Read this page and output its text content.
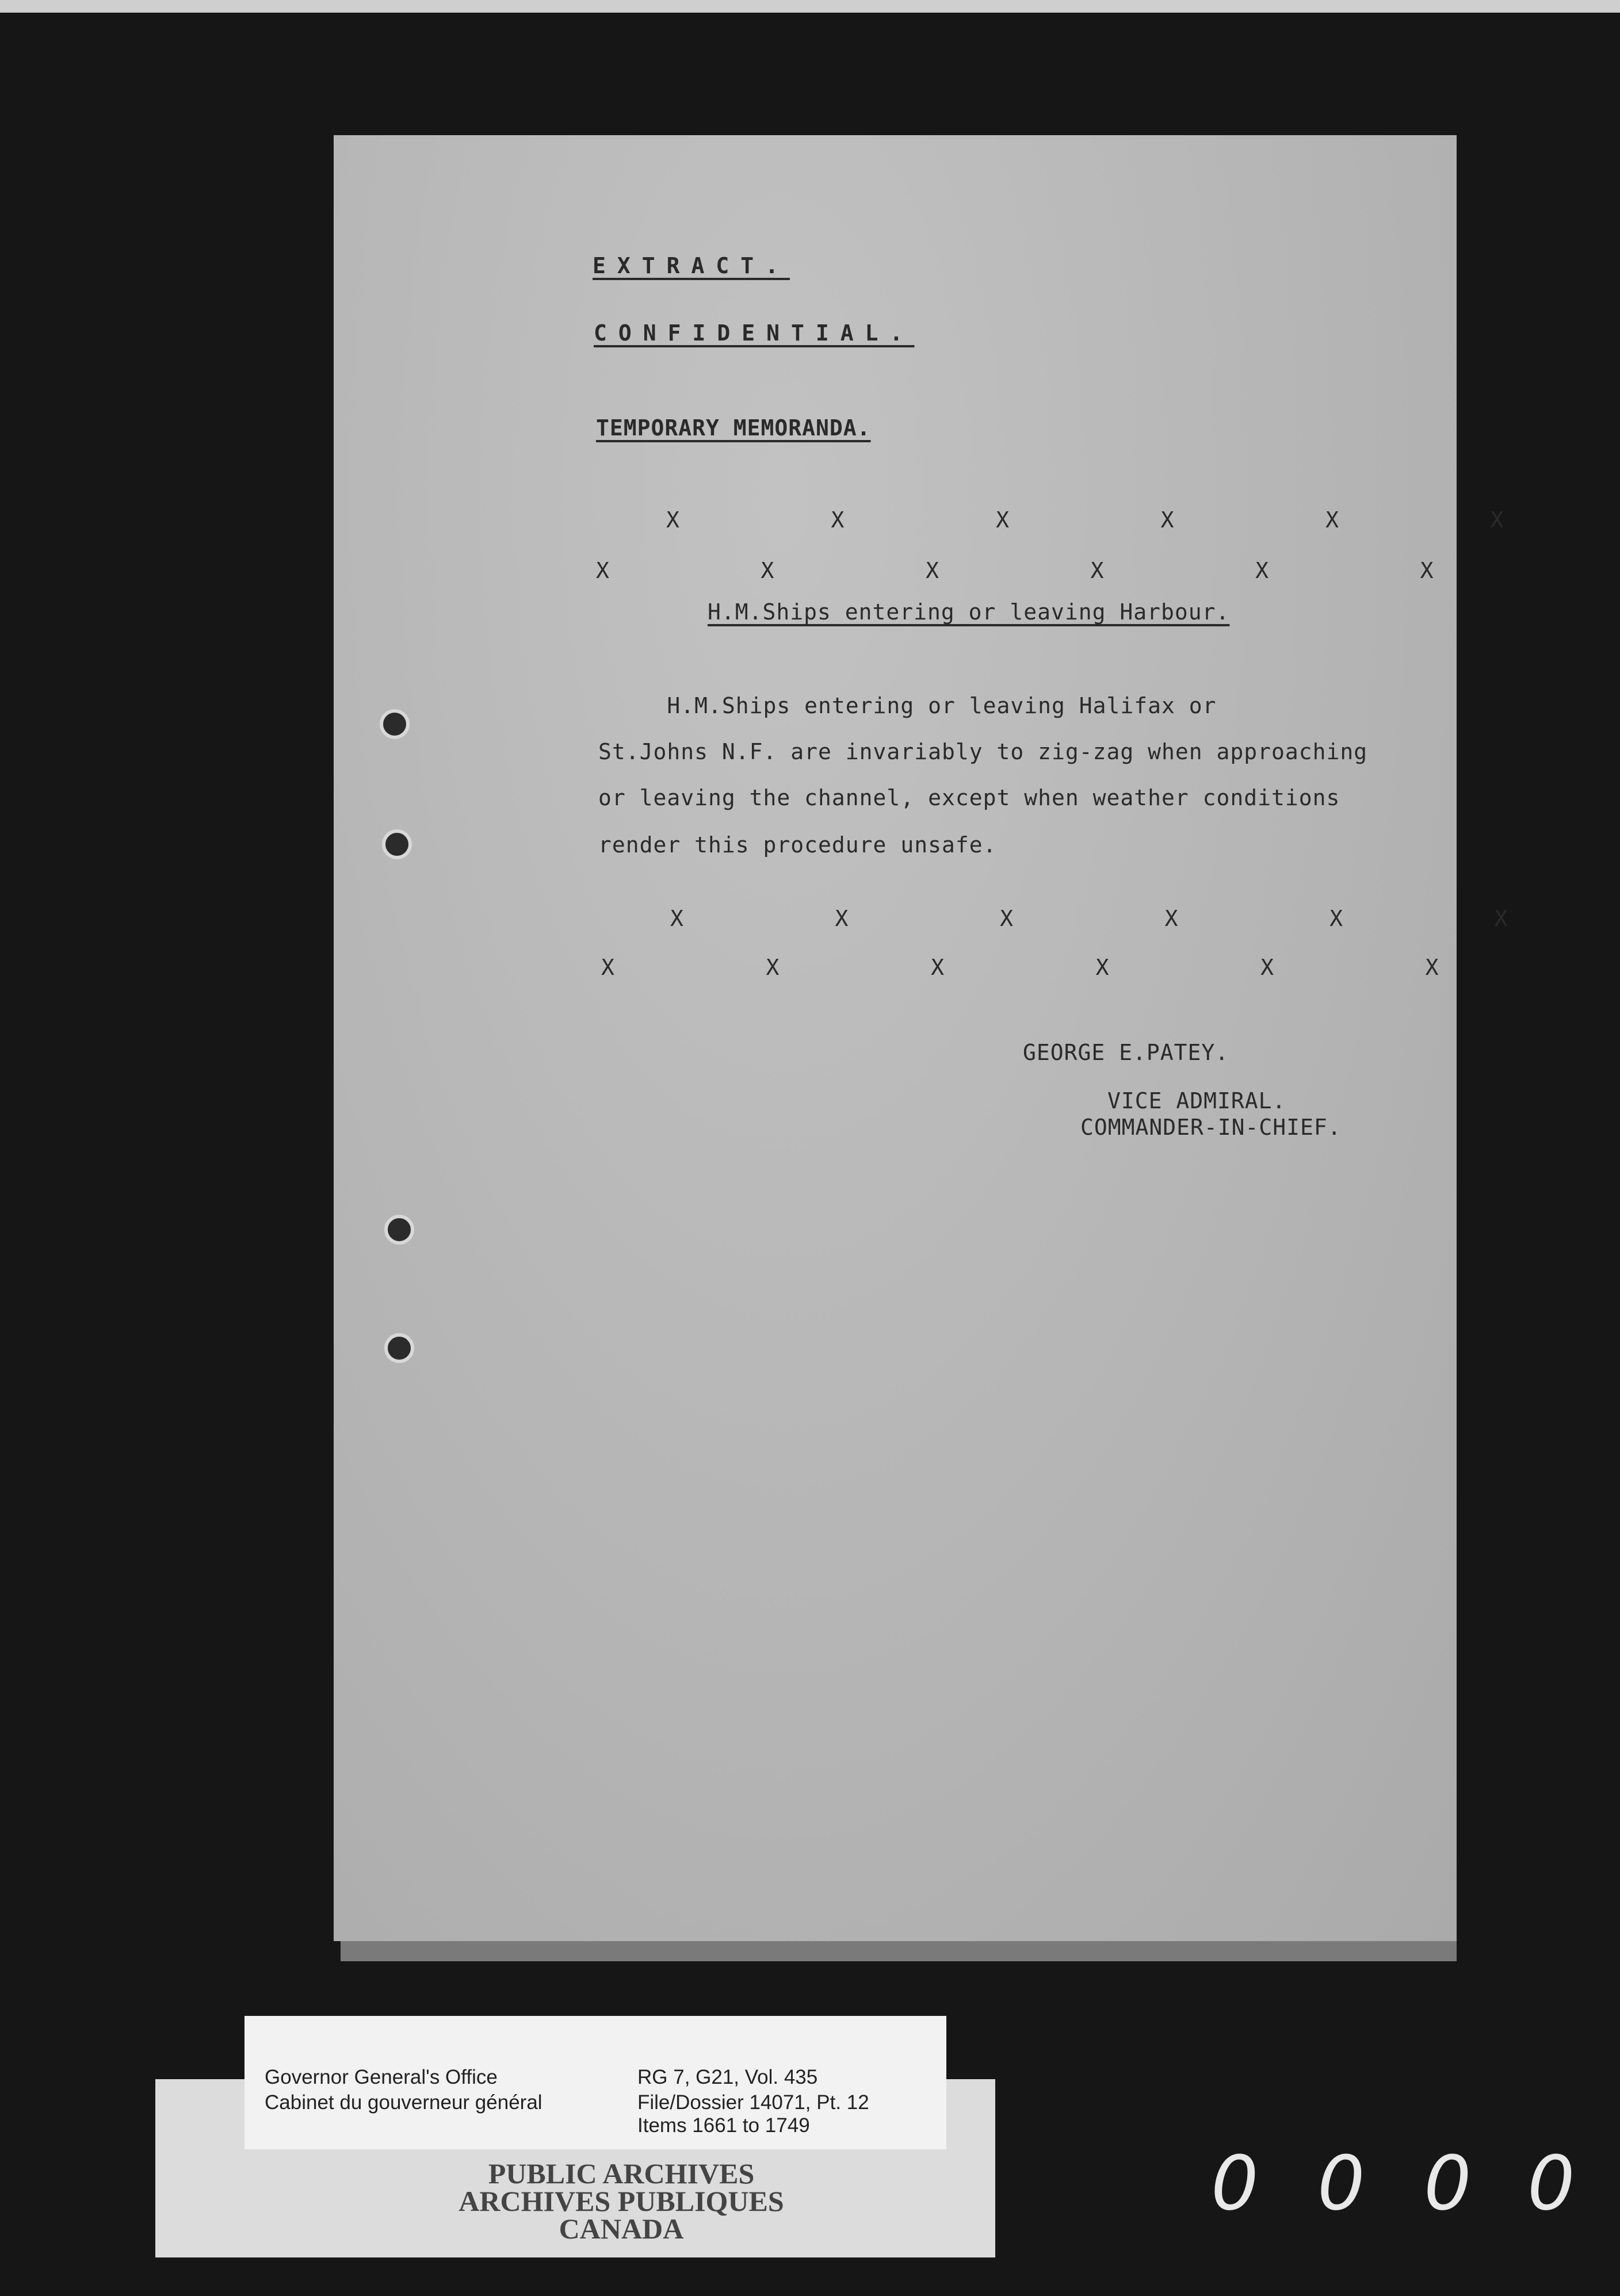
EXTRACT.
CONFIDENTIAL.
TEMPORARY MEMORANDA.
X           X           X           X           X           X
X           X           X           X           X           X
H.M.Ships entering or leaving Harbour.
H.M.Ships entering or leaving Halifax or
St.Johns N.F. are invariably to zig-zag when approaching
or leaving the channel, except when weather conditions
render this procedure unsafe.
X           X           X           X           X           X
X           X           X           X           X           X
GEORGE E.PATEY.
VICE ADMIRAL.
COMMANDER-IN-CHIEF.
Governor General's Office
Cabinet du gouverneur général
RG 7, G21, Vol. 435
File/Dossier 14071, Pt. 12
Items 1661 to 1749
PUBLIC ARCHIVES
ARCHIVES PUBLIQUES
CANADA
0 0 0 0
